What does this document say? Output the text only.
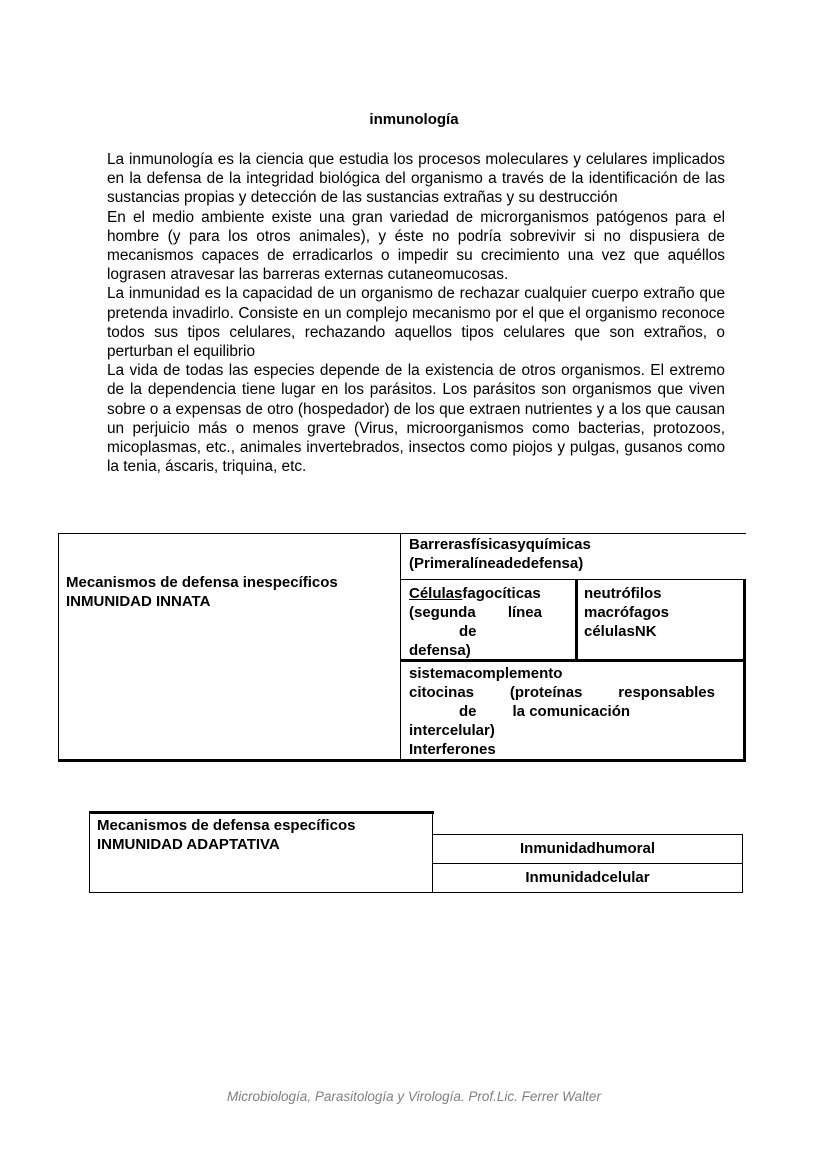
inmunología

La inmunología es la ciencia que estudia los procesos moleculares y celulares implicados en la defensa de la integridad biológica del organismo a través de la identificación de las sustancias propias y detección de las sustancias extrañas y su destrucción

En el medio ambiente existe una gran variedad de microrganismos patógenos para el hombre (y para los otros animales), y éste no podría sobrevivir si no dispusiera de mecanismos capaces de erradicarlos o impedir su crecimiento una vez que aquéllos lograsen atravesar las barreras externas cutaneomucosas.

La inmunidad es la capacidad de un organismo de rechazar cualquier cuerpo extraño que pretenda invadirlo. Consiste en un complejo mecanismo por el que el organismo reconoce todos sus tipos celulares, rechazando aquellos tipos celulares que son extraños, o perturban el equilibrio

La vida de todas las especies depende de la existencia de otros organismos. El extremo de la dependencia tiene lugar en los parásitos. Los parásitos son organismos que viven sobre o a expensas de otro (hospedador) de los que extraen nutrientes y a los que causan un perjuicio más o menos grave (Virus, microorganismos como bacterias, protozoos, micoplasmas, etc., animales invertebrados, insectos como piojos y pulgas, gusanos como la tenia, áscaris, triquina, etc.

Mecanismos de defensa inespecíficos
INMUNIDAD INNATA
Barrerasfísicasyquímicas
(Primeralíneadedefensa)
Célulasfagocíticas
(segunda línea
de
defensa)
neutrófilos
macrófagos
célulasNK
sistemacomplemento
citocinas (proteínas responsables
de la comunicación
intercelular)
Interferones
Mecanismos de defensa específicos
INMUNIDAD ADAPTATIVA	Inmunidadhumoral
Inmunidadcelular
Microbiología, Parasitología y Virología. Prof.Lic. Ferrer Walter
